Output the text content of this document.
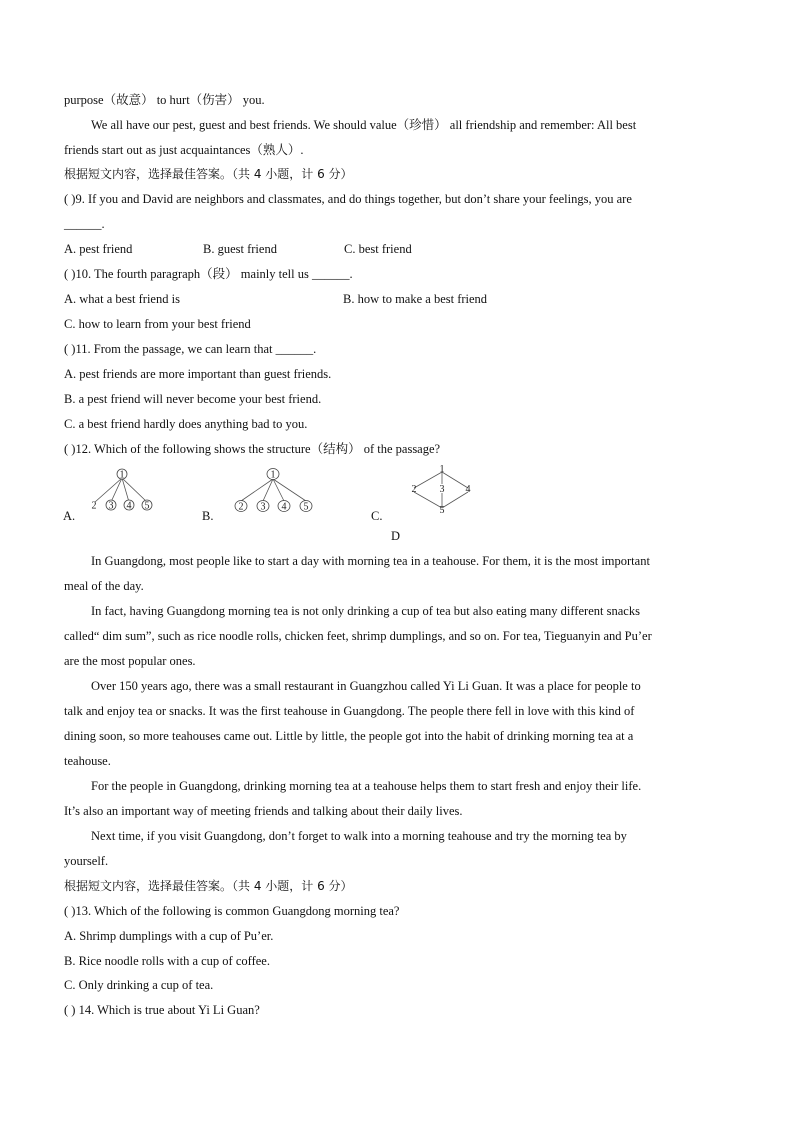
purpose（故意） to hurt（伤害） you.
We all have our pest, guest and best friends. We should value（珍惜） all friendship and remember: All best
friends start out as just acquaintances（熟人）.
根据短文内容，选择最佳答案。（共 4 小题，计 6 分）
( )9. If you and David are neighbors and classmates, and do things together, but don’t share your feelings, you are
______.
A. pest friend	B. guest friend	C. best friend
( )10. The fourth paragraph（段） mainly tell us ______.
A. what a best friend is	B. how to make a best friend
C. how to learn from your best friend
( )11. From the passage, we can learn that ______.
A. pest friends are more important than guest friends.
B. a pest friend will never become your best friend.
C. a best friend hardly does anything bad to you.
( )12. Which of the following shows the structure（结构） of the passage?
A.
1
2 3 4 5
B.
1
2 3 4 5
C.
1
2 3 4
5
D
In Guangdong, most people like to start a day with morning tea in a teahouse. For them, it is the most important
meal of the day.
In fact, having Guangdong morning tea is not only drinking a cup of tea but also eating many different snacks
called“ dim sum”, such as rice noodle rolls, chicken feet, shrimp dumplings, and so on. For tea, Tieguanyin and Pu’er
are the most popular ones.
Over 150 years ago, there was a small restaurant in Guangzhou called Yi Li Guan. It was a place for people to
talk and enjoy tea or snacks. It was the first teahouse in Guangdong. The people there fell in love with this kind of
dining soon, so more teahouses came out. Little by little, the people got into the habit of drinking morning tea at a
teahouse.
For the people in Guangdong, drinking morning tea at a teahouse helps them to start fresh and enjoy their life.
It’s also an important way of meeting friends and talking about their daily lives.
Next time, if you visit Guangdong, don’t forget to walk into a morning teahouse and try the morning tea by
yourself.
根据短文内容，选择最佳答案。（共 4 小题，计 6 分）
( )13. Which of the following is common Guangdong morning tea?
A. Shrimp dumplings with a cup of Pu’er.
B. Rice noodle rolls with a cup of coffee.
C. Only drinking a cup of tea.
( ) 14. Which is true about Yi Li Guan?
